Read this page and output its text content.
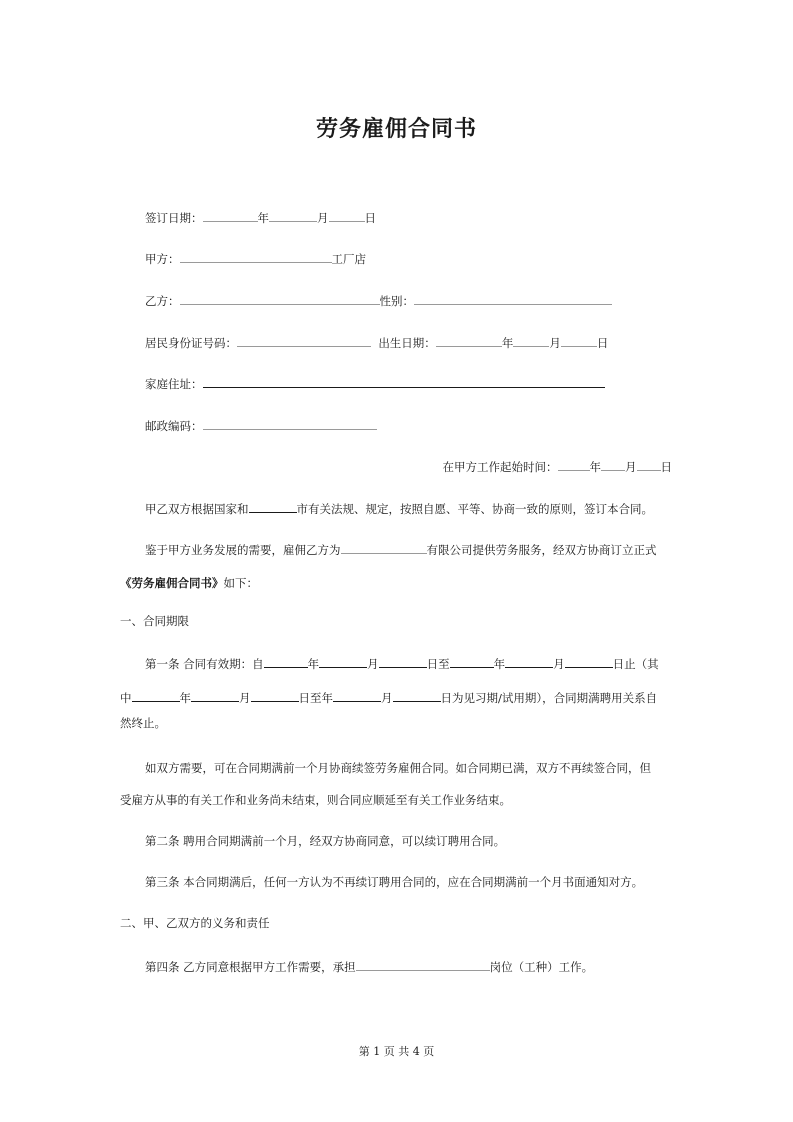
劳务雇佣合同书
签订日期：	年	月	日
甲方：	工厂店
乙方：	性别：
居民身份证号码：	出生日期：	年	月	日
家庭住址：
邮政编码：
在甲方工作起始时间：	年 月 日
甲乙双方根据国家和	市有关法规、规定，按照自愿、平等、协商一致的原则，签订本合同。
鉴于甲方业务发展的需要，雇佣乙方为	有限公司提供劳务服务，经双方协商订立正式
《劳务雇佣合同书》如下：
一、合同期限
第一条 合同有效期：自	年	月	日至	年	月	日止（其
中	年	月	日至年	月	日为见习期/试用期），合同期满聘用关系自
然终止。
如双方需要，可在合同期满前一个月协商续签劳务雇佣合同。如合同期已满，双方不再续签合同，但
受雇方从事的有关工作和业务尚未结束，则合同应顺延至有关工作业务结束。
第二条 聘用合同期满前一个月，经双方协商同意，可以续订聘用合同。
第三条 本合同期满后，任何一方认为不再续订聘用合同的，应在合同期满前一个月书面通知对方。
二、甲、乙双方的义务和责任
第四条 乙方同意根据甲方工作需要，承担	岗位（工种）工作。
第 1 页 共 4 页
